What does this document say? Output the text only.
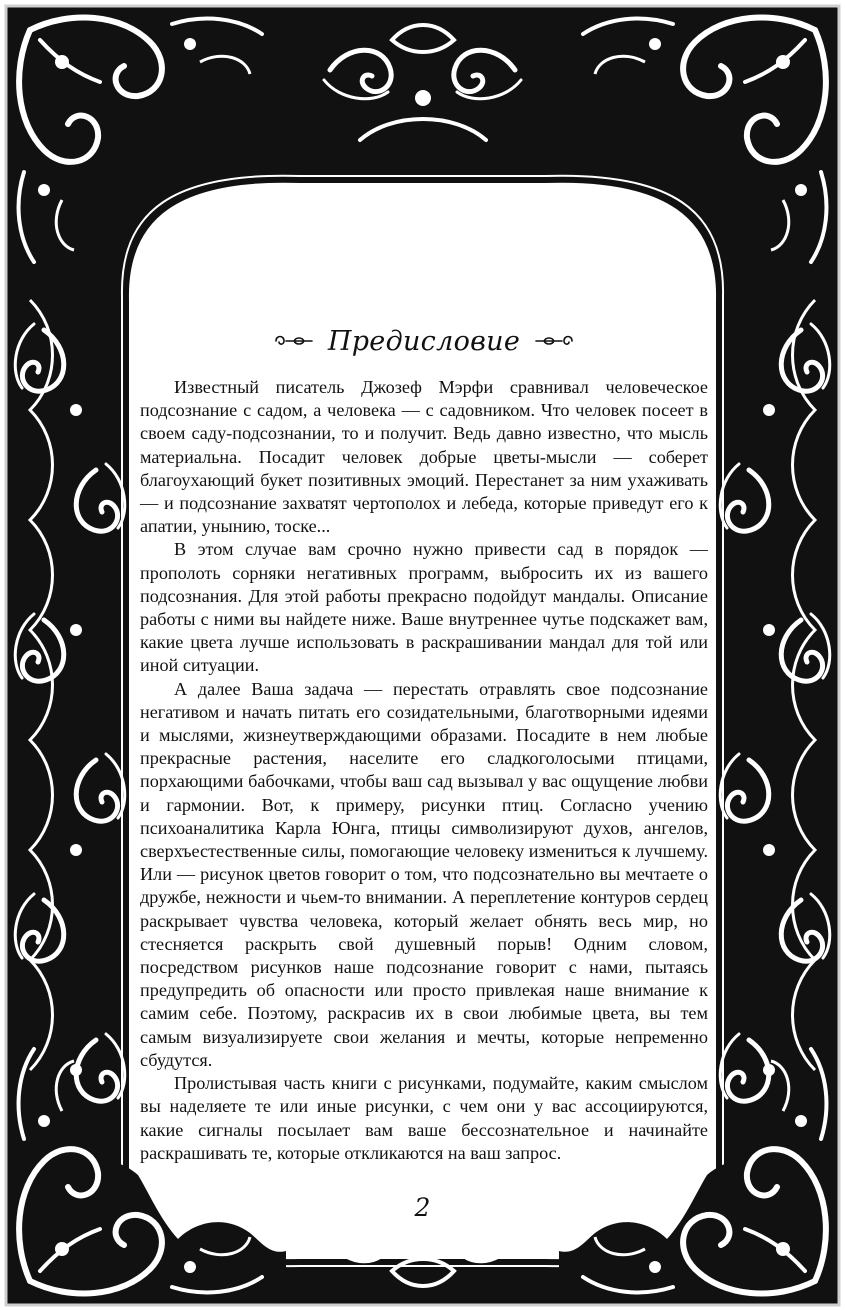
Предисловие

Известный писатель Джозеф Мэрфи сравнивал человеческое подсознание с садом, а человека — с садовником. Что человек посеет в своем саду-подсознании, то и получит. Ведь давно известно, что мысль материальна. Посадит человек добрые цветы-мысли — соберет благоухающий букет позитивных эмоций. Перестанет за ним ухаживать — и подсознание захватят чертополох и лебеда, которые приведут его к апатии, унынию, тоске...

В этом случае вам срочно нужно привести сад в порядок — прополоть сорняки негативных программ, выбросить их из вашего подсознания. Для этой работы прекрасно подойдут мандалы. Описание работы с ними вы найдете ниже. Ваше внутреннее чутье подскажет вам, какие цвета лучше использовать в раскрашивании мандал для той или иной ситуации.

А далее Ваша задача — перестать отравлять свое подсознание негативом и начать питать его созидательными, благотворными идеями и мыслями, жизнеутверждающими образами. Посадите в нем любые прекрасные растения, населите его сладкоголосыми птицами, порхающими бабочками, чтобы ваш сад вызывал у вас ощущение любви и гармонии. Вот, к примеру, рисунки птиц. Согласно учению психоаналитика Карла Юнга, птицы символизируют духов, ангелов, сверхъестественные силы, помогающие человеку измениться к лучшему. Или — рисунок цветов говорит о том, что подсознательно вы мечтаете о дружбе, нежности и чьем-то внимании. А переплетение контуров сердец раскрывает чувства человека, который желает обнять весь мир, но стесняется раскрыть свой душевный порыв! Одним словом, посредством рисунков наше подсознание говорит с нами, пытаясь предупредить об опасности или просто привлекая наше внимание к самим себе. Поэтому, раскрасив их в свои любимые цвета, вы тем самым визуализируете свои желания и мечты, которые непременно сбудутся.

Пролистывая часть книги с рисунками, подумайте, каким смыслом вы наделяете те или иные рисунки, с чем они у вас ассоциируются, какие сигналы посылает вам ваше бессознательное и начинайте раскрашивать те, которые откликаются на ваш запрос.

2
